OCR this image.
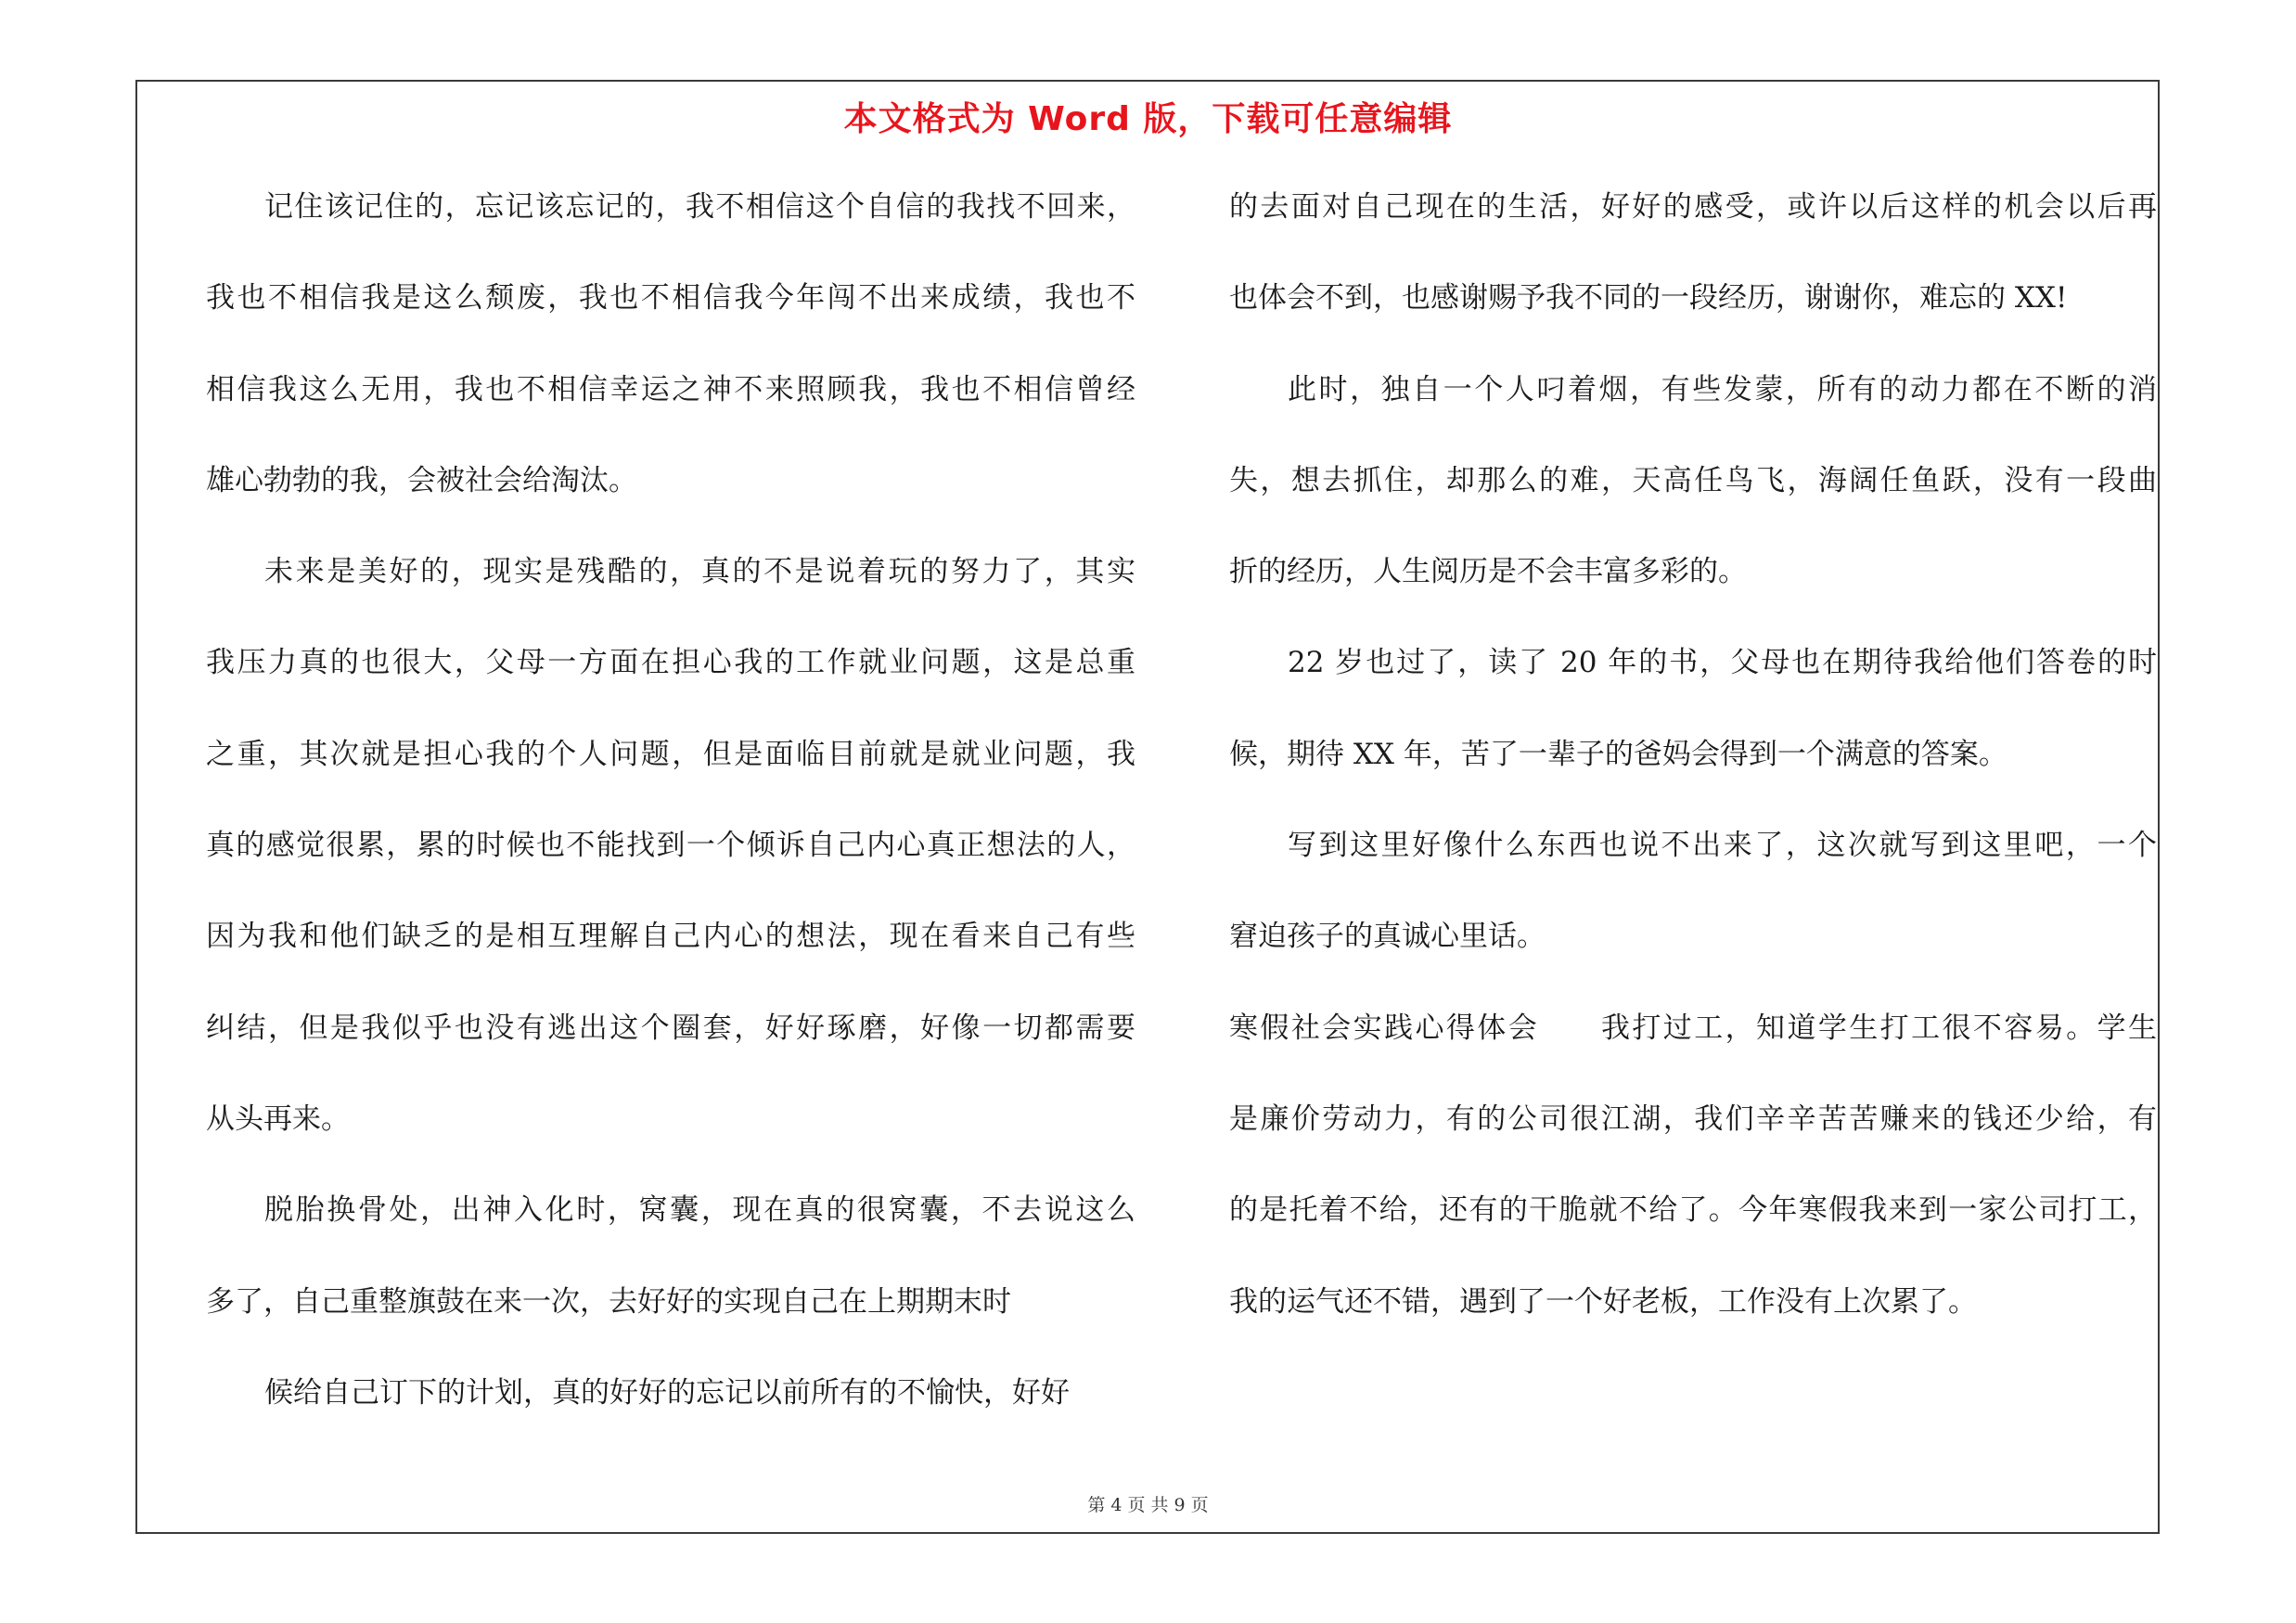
本文格式为 Word 版，下载可任意编辑
记住该记住的，忘记该忘记的，我不相信这个自信的我找不回来，
我也不相信我是这么颓废，我也不相信我今年闯不出来成绩，我也不
相信我这么无用，我也不相信幸运之神不来照顾我，我也不相信曾经
雄心勃勃的我，会被社会给淘汰。
未来是美好的，现实是残酷的，真的不是说着玩的努力了，其实
我压力真的也很大，父母一方面在担心我的工作就业问题，这是总重
之重，其次就是担心我的个人问题，但是面临目前就是就业问题，我
真的感觉很累，累的时候也不能找到一个倾诉自己内心真正想法的人，
因为我和他们缺乏的是相互理解自己内心的想法，现在看来自己有些
纠结，但是我似乎也没有逃出这个圈套，好好琢磨，好像一切都需要
从头再来。
脱胎换骨处，出神入化时，窝囊，现在真的很窝囊，不去说这么
多了，自己重整旗鼓在来一次，去好好的实现自己在上期期末时
候给自己订下的计划，真的好好的忘记以前所有的不愉快，好好
的去面对自己现在的生活，好好的感受，或许以后这样的机会以后再
也体会不到，也感谢赐予我不同的一段经历，谢谢你，难忘的 XX!
此时，独自一个人叼着烟，有些发蒙，所有的动力都在不断的消
失，想去抓住，却那么的难，天高任鸟飞，海阔任鱼跃，没有一段曲
折的经历，人生阅历是不会丰富多彩的。
22 岁也过了，读了 20 年的书，父母也在期待我给他们答卷的时
候，期待 XX 年，苦了一辈子的爸妈会得到一个满意的答案。
写到这里好像什么东西也说不出来了，这次就写到这里吧，一个
窘迫孩子的真诚心里话。
寒假社会实践心得体会　　我打过工，知道学生打工很不容易。学生
是廉价劳动力，有的公司很江湖，我们辛辛苦苦赚来的钱还少给，有
的是托着不给，还有的干脆就不给了。今年寒假我来到一家公司打工，
我的运气还不错，遇到了一个好老板，工作没有上次累了。
第 4 页 共 9 页
